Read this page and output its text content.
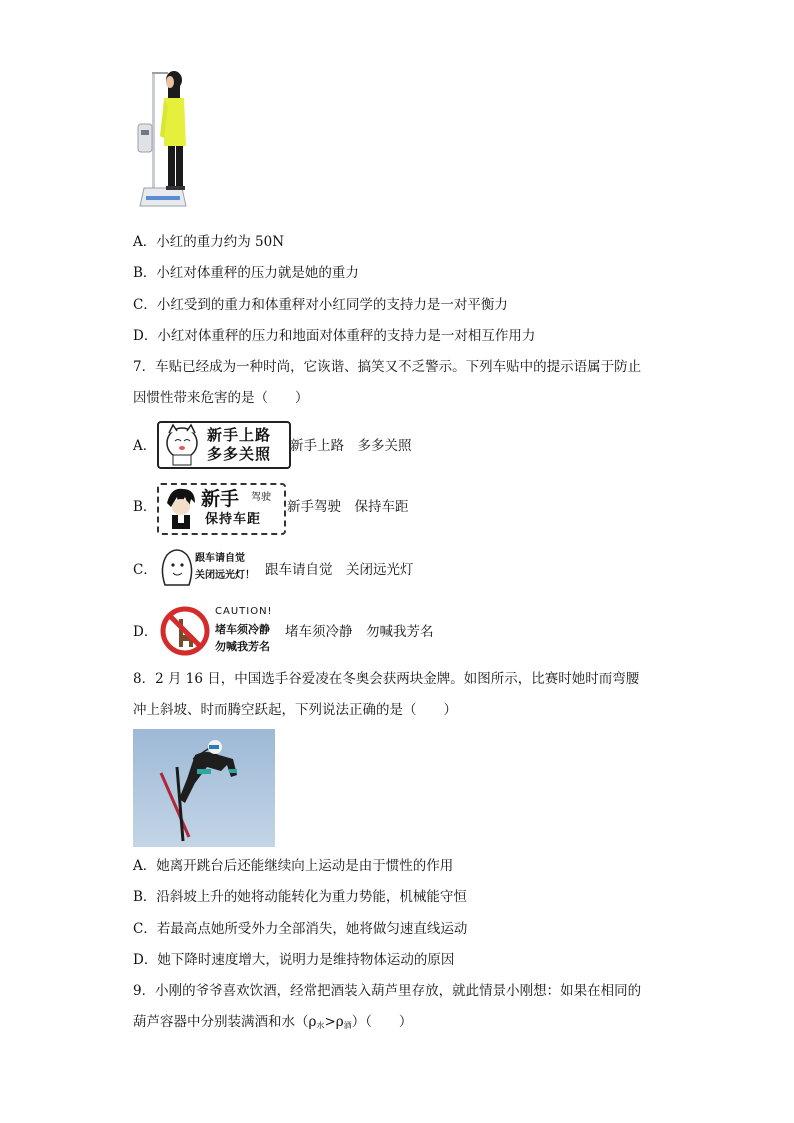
A．小红的重力约为 50N
B．小红对体重秤的压力就是她的重力
C．小红受到的重力和体重秤对小红同学的支持力是一对平衡力
D．小红对体重秤的压力和地面对体重秤的支持力是一对相互作用力
7．车贴已经成为一种时尚，它诙谐、搞笑又不乏警示。下列车贴中的提示语属于防止
因惯性带来危害的是（　　）
A．
新手上路
多多关照 新手上路　多多关照
B． 新手 驾驶
保持车距
新手驾驶　保持车距
C．
跟车请自觉
关闭远光灯！ 跟车请自觉　关闭远光灯
D．
CAUTION!
堵车须冷静
勿喊我芳名
堵车须冷静　勿喊我芳名
8．2 月 16 日，中国选手谷爱凌在冬奥会获两块金牌。如图所示，比赛时她时而弯腰
冲上斜坡、时而腾空跃起，下列说法正确的是（　　）
A．她离开跳台后还能继续向上运动是由于惯性的作用
B．沿斜坡上升的她将动能转化为重力势能，机械能守恒
C．若最高点她所受外力全部消失，她将做匀速直线运动
D．她下降时速度增大，说明力是维持物体运动的原因
9．小刚的爷爷喜欢饮酒，经常把酒装入葫芦里存放，就此情景小刚想：如果在相同的
葫芦容器中分别装满酒和水$(\rho_水>\rho_酒)$（　　）
